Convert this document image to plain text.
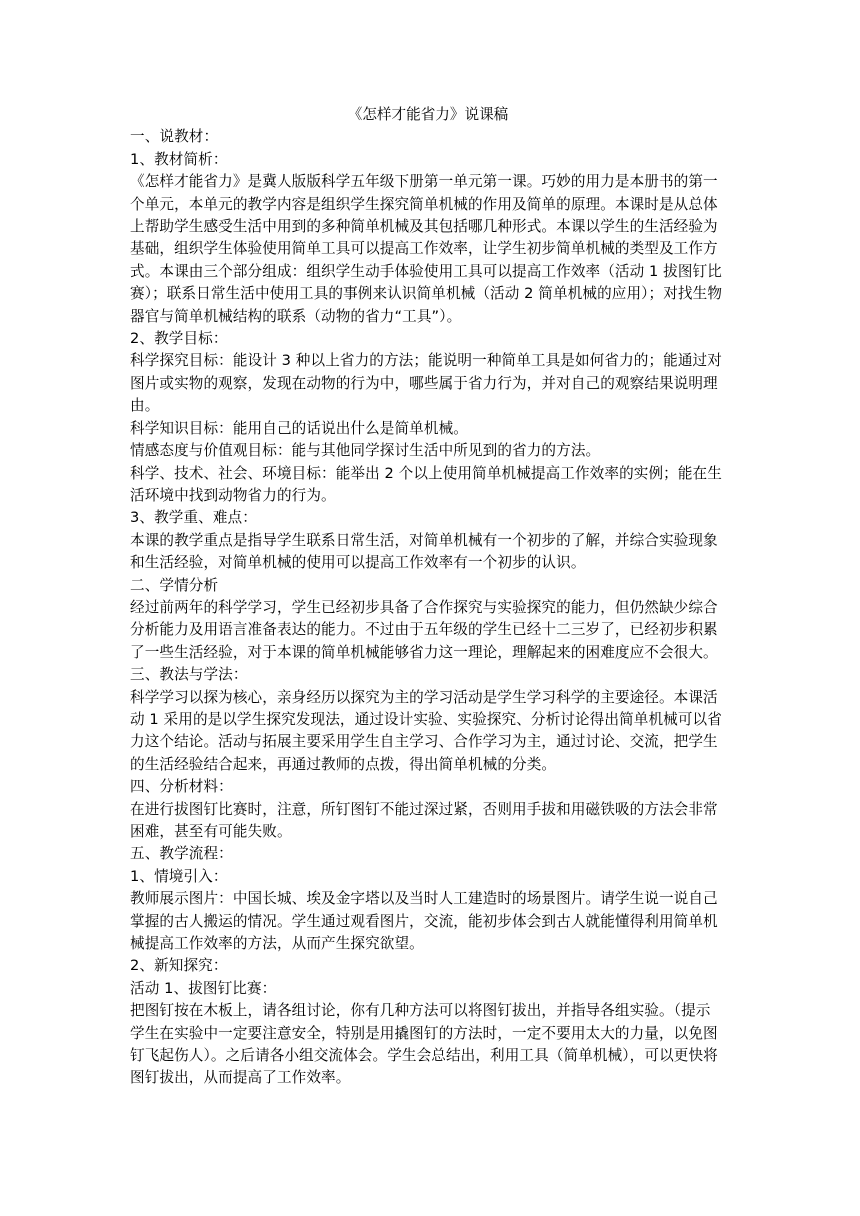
《怎样才能省力》说课稿

一、说教材：

1、教材简析：

《怎样才能省力》是冀人版版科学五年级下册第一单元第一课。巧妙的用力是本册书的第一

个单元，本单元的教学内容是组织学生探究简单机械的作用及简单的原理。本课时是从总体

上帮助学生感受生活中用到的多种简单机械及其包括哪几种形式。本课以学生的生活经验为

基础，组织学生体验使用简单工具可以提高工作效率，让学生初步简单机械的类型及工作方

式。本课由三个部分组成：组织学生动手体验使用工具可以提高工作效率（活动 1 拔图钉比

赛）；联系日常生活中使用工具的事例来认识简单机械（活动 2 简单机械的应用）；对找生物

器官与简单机械结构的联系（动物的省力“工具”）。

2、教学目标：

科学探究目标：能设计 3 种以上省力的方法；能说明一种简单工具是如何省力的；能通过对

图片或实物的观察，发现在动物的行为中，哪些属于省力行为，并对自己的观察结果说明理

由。

科学知识目标：能用自己的话说出什么是简单机械。

情感态度与价值观目标：能与其他同学探讨生活中所见到的省力的方法。

科学、技术、社会、环境目标：能举出 2 个以上使用简单机械提高工作效率的实例；能在生

活环境中找到动物省力的行为。

3、教学重、难点：

本课的教学重点是指导学生联系日常生活，对简单机械有一个初步的了解，并综合实验现象

和生活经验，对简单机械的使用可以提高工作效率有一个初步的认识。

二、学情分析

经过前两年的科学学习，学生已经初步具备了合作探究与实验探究的能力，但仍然缺少综合

分析能力及用语言准备表达的能力。不过由于五年级的学生已经十二三岁了，已经初步积累

了一些生活经验，对于本课的简单机械能够省力这一理论，理解起来的困难度应不会很大。

三、教法与学法：

科学学习以探为核心，亲身经历以探究为主的学习活动是学生学习科学的主要途径。本课活

动 1 采用的是以学生探究发现法，通过设计实验、实验探究、分析讨论得出简单机械可以省

力这个结论。活动与拓展主要采用学生自主学习、合作学习为主，通过讨论、交流，把学生

的生活经验结合起来，再通过教师的点拨，得出简单机械的分类。

四、分析材料：

在进行拔图钉比赛时，注意，所钉图钉不能过深过紧，否则用手拔和用磁铁吸的方法会非常

困难，甚至有可能失败。

五、教学流程：

1、情境引入：

教师展示图片：中国长城、埃及金字塔以及当时人工建造时的场景图片。请学生说一说自己

掌握的古人搬运的情况。学生通过观看图片，交流，能初步体会到古人就能懂得利用简单机

械提高工作效率的方法，从而产生探究欲望。

2、新知探究：

活动 1、拔图钉比赛：

把图钉按在木板上，请各组讨论，你有几种方法可以将图钉拔出，并指导各组实验。（提示

学生在实验中一定要注意安全，特别是用撬图钉的方法时，一定不要用太大的力量，以免图

钉飞起伤人）。之后请各小组交流体会。学生会总结出，利用工具（简单机械），可以更快将

图钉拔出，从而提高了工作效率。
